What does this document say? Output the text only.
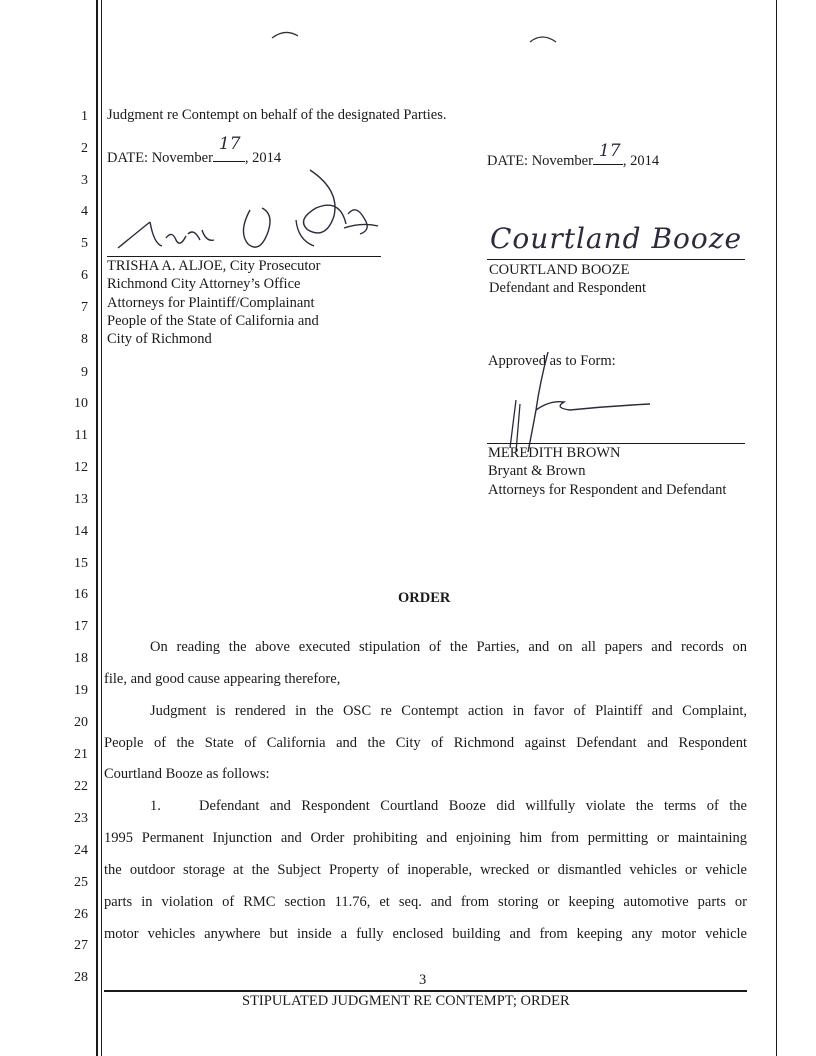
1
2
3
4
5
6
7
8
9
10
11
12
13
14
15
16
17
18
19
20
21
22
23
24
25
26
27
28
Judgment re Contempt on behalf of the designated Parties.
DATE: November
17
, 2014	DATE: November 17 , 2014
TRISHA A. ALJOE, City Prosecutor
Richmond City Attorney’s Office
Attorneys for Plaintiff/Complainant
People of the State of California and
City of Richmond
Courtland Booze
COURTLAND BOOZE
Defendant and Respondent
Approved as to Form:
MEREDITH BROWN
Bryant & Brown
Attorneys for Respondent and Defendant
ORDER
On reading the above executed stipulation of the Parties, and on all papers and records on
file, and good cause appearing therefore,
Judgment is rendered in the OSC re Contempt action in favor of Plaintiff and Complaint,
People of the State of California and the City of Richmond against Defendant and Respondent
Courtland Booze as follows:
1.	Defendant and Respondent Courtland Booze did willfully violate the terms of the
1995 Permanent Injunction and Order prohibiting and enjoining him from permitting or maintaining
the outdoor storage at the Subject Property of inoperable, wrecked or dismantled vehicles or vehicle
parts in violation of RMC section 11.76, et seq. and from storing or keeping automotive parts or
motor vehicles anywhere but inside a fully enclosed building and from keeping any motor vehicle
3
STIPULATED JUDGMENT RE CONTEMPT; ORDER
